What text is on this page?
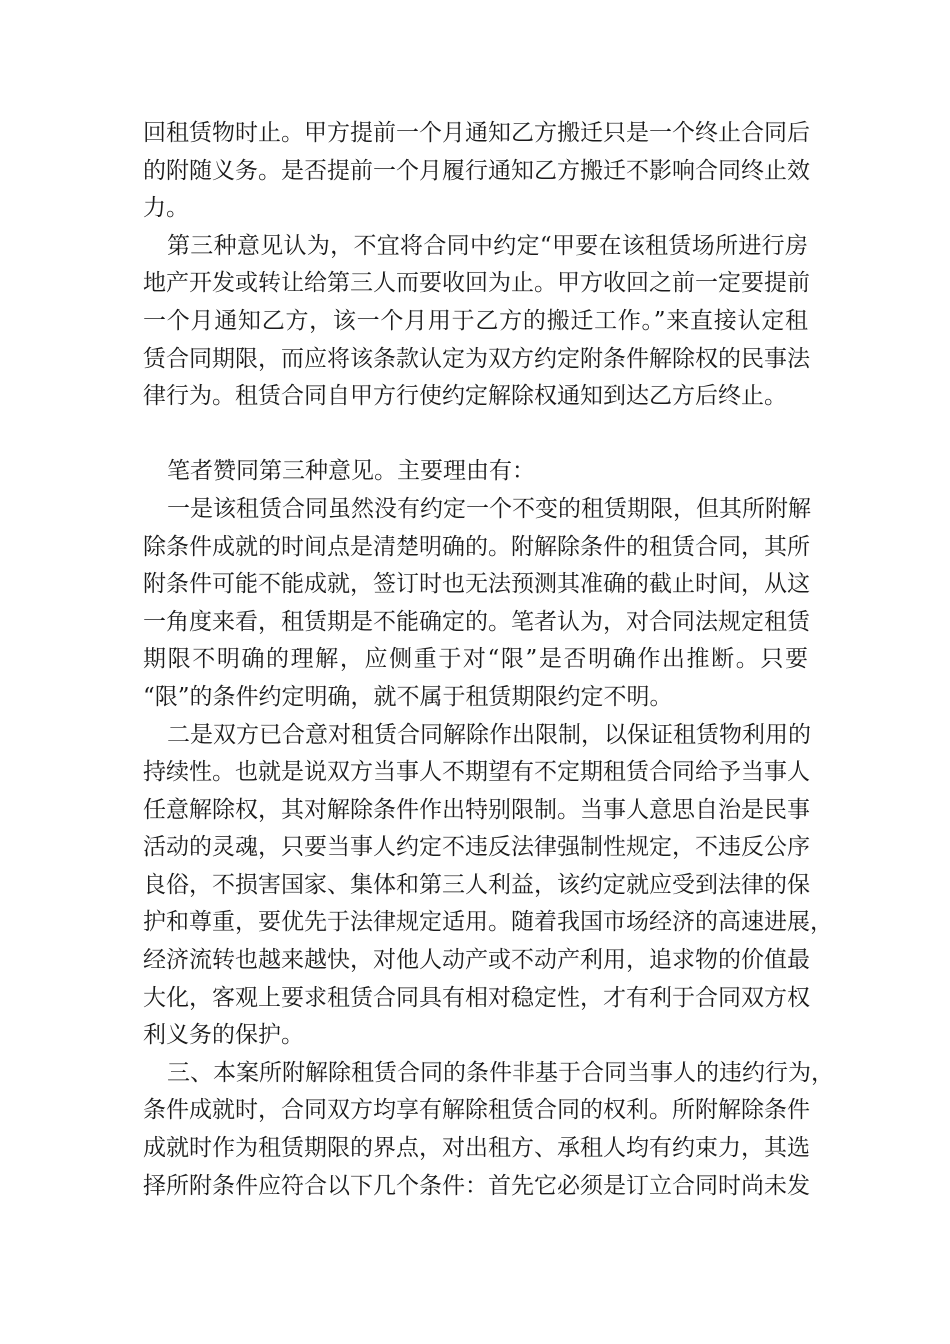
回租赁物时止。甲方提前一个月通知乙方搬迁只是一个终止合同后
的附随义务。是否提前一个月履行通知乙方搬迁不影响合同终止效
力。
第三种意见认为，不宜将合同中约定“甲要在该租赁场所进行房
地产开发或转让给第三人而要收回为止。甲方收回之前一定要提前
一个月通知乙方，该一个月用于乙方的搬迁工作。”来直接认定租
赁合同期限，而应将该条款认定为双方约定附条件解除权的民事法
律行为。租赁合同自甲方行使约定解除权通知到达乙方后终止。
笔者赞同第三种意见。主要理由有：
一是该租赁合同虽然没有约定一个不变的租赁期限，但其所附解
除条件成就的时间点是清楚明确的。附解除条件的租赁合同，其所
附条件可能不能成就，签订时也无法预测其准确的截止时间，从这
一角度来看，租赁期是不能确定的。笔者认为，对合同法规定租赁
期限不明确的理解，应侧重于对“限”是否明确作出推断。只要
“限”的条件约定明确，就不属于租赁期限约定不明。
二是双方已合意对租赁合同解除作出限制，以保证租赁物利用的
持续性。也就是说双方当事人不期望有不定期租赁合同给予当事人
任意解除权，其对解除条件作出特别限制。当事人意思自治是民事
活动的灵魂，只要当事人约定不违反法律强制性规定，不违反公序
良俗，不损害国家、集体和第三人利益，该约定就应受到法律的保
护和尊重，要优先于法律规定适用。随着我国市场经济的高速进展，
经济流转也越来越快，对他人动产或不动产利用，追求物的价值最
大化，客观上要求租赁合同具有相对稳定性，才有利于合同双方权
利义务的保护。
三、本案所附解除租赁合同的条件非基于合同当事人的违约行为，
条件成就时，合同双方均享有解除租赁合同的权利。所附解除条件
成就时作为租赁期限的界点，对出租方、承租人均有约束力，其选
择所附条件应符合以下几个条件：首先它必须是订立合同时尚未发
